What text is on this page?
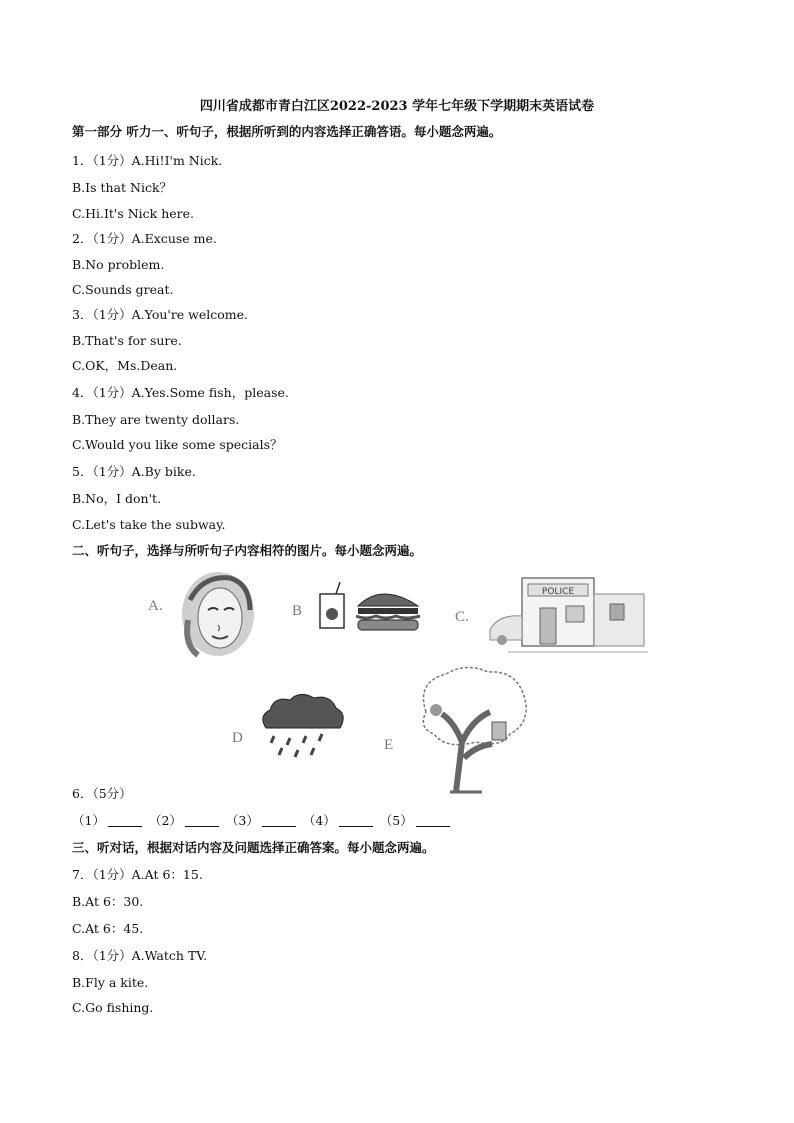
四川省成都市青白江区2022-2023 学年七年级下学期期末英语试卷
第一部分 听力一、听句子，根据所听到的内容选择正确答语。每小题念两遍。
1．（1分）A.Hi!I'm Nick.
B.Is that Nick？
C.Hi.It's Nick here.
2．（1分）A.Excuse me.
B.No problem.
C.Sounds great.
3．（1分）A.You're welcome.
B.That's for sure.
C.OK，Ms.Dean.
4．（1分）A.Yes.Some fish，please.
B.They are twenty dollars.
C.Would you like some specials？
5．（1分）A.By bike.
B.No，I don't.
C.Let's take the subway.
二、听句子，选择与所听句子内容相符的图片。每小题念两遍。
A.	B	C.
D	E
POLICE
6．（5分）
（1）	（2）	（3）	（4）	（5）
三、听对话，根据对话内容及问题选择正确答案。每小题念两遍。
7．（1分）A.At 6：15.
B.At 6：30.
C.At 6：45.
8．（1分）A.Watch TV.
B.Fly a kite.
C.Go fishing.
